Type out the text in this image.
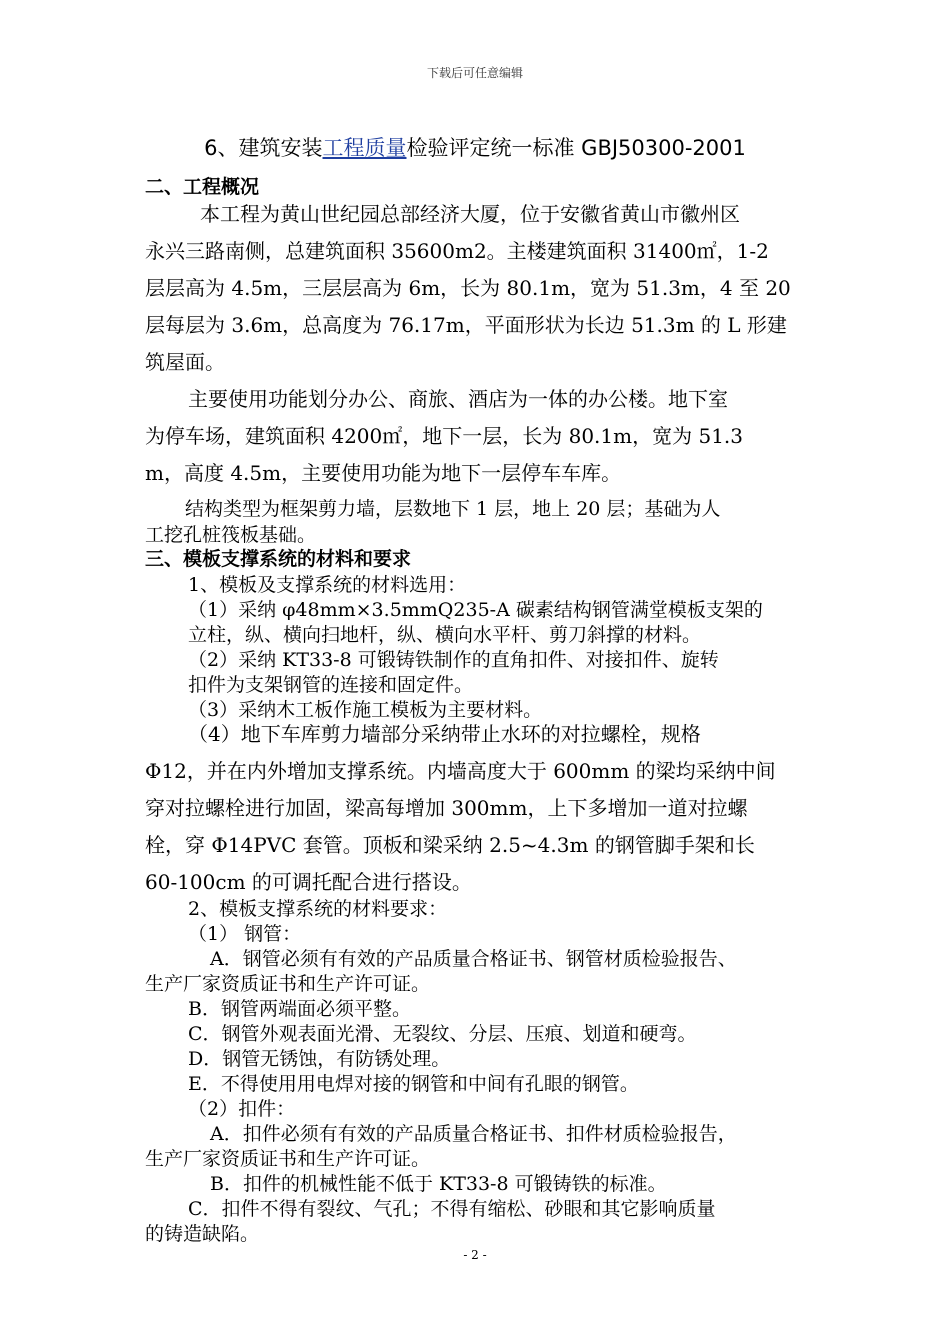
下载后可任意编辑
6、建筑安装工程质量检验评定统一标准 GBJ50300-2001
二、工程概况
本工程为黄山世纪园总部经济大厦，位于安徽省黄山市徽州区
永兴三路南侧，总建筑面积 35600m2。主楼建筑面积 31400㎡，1-2
层层高为 4.5m，三层层高为 6m，长为 80.1m，宽为 51.3m，4 至 20
层每层为 3.6m，总高度为 76.17m，平面形状为长边 51.3m 的 L 形建
筑屋面。
主要使用功能划分办公、商旅、酒店为一体的办公楼。地下室
为停车场，建筑面积 4200㎡，地下一层，长为 80.1m，宽为 51.3
m，高度 4.5m，主要使用功能为地下一层停车车库。
结构类型为框架剪力墙，层数地下 1 层，地上 20 层；基础为人
工挖孔桩筏板基础。
三、模板支撑系统的材料和要求
1、模板及支撑系统的材料选用：
（1）采纳 φ48mm×3.5mmQ235-A 碳素结构钢管满堂模板支架的
立柱，纵、横向扫地杆，纵、横向水平杆、剪刀斜撑的材料。
（2）采纳 KT33-8 可锻铸铁制作的直角扣件、对接扣件、旋转
扣件为支架钢管的连接和固定件。
（3）采纳木工板作施工模板为主要材料。
（4）地下车库剪力墙部分采纳带止水环的对拉螺栓，规格
Φ12，并在内外增加支撑系统。内墙高度大于 600mm 的梁均采纳中间
穿对拉螺栓进行加固，梁高每增加 300mm，上下多增加一道对拉螺
栓，穿 Φ14PVC 套管。顶板和梁采纳 2.5~4.3m 的钢管脚手架和长
60-100cm 的可调托配合进行搭设。
2、模板支撑系统的材料要求：
（1） 钢管：
A．钢管必须有有效的产品质量合格证书、钢管材质检验报告、
生产厂家资质证书和生产许可证。
B．钢管两端面必须平整。
C．钢管外观表面光滑、无裂纹、分层、压痕、划道和硬弯。
D．钢管无锈蚀，有防锈处理。
E．不得使用用电焊对接的钢管和中间有孔眼的钢管。
（2）扣件：
A．扣件必须有有效的产品质量合格证书、扣件材质检验报告，
生产厂家资质证书和生产许可证。
B．扣件的机械性能不低于 KT33-8 可锻铸铁的标准。
C．扣件不得有裂纹、气孔；不得有缩松、砂眼和其它影响质量
的铸造缺陷。
- 2 -
